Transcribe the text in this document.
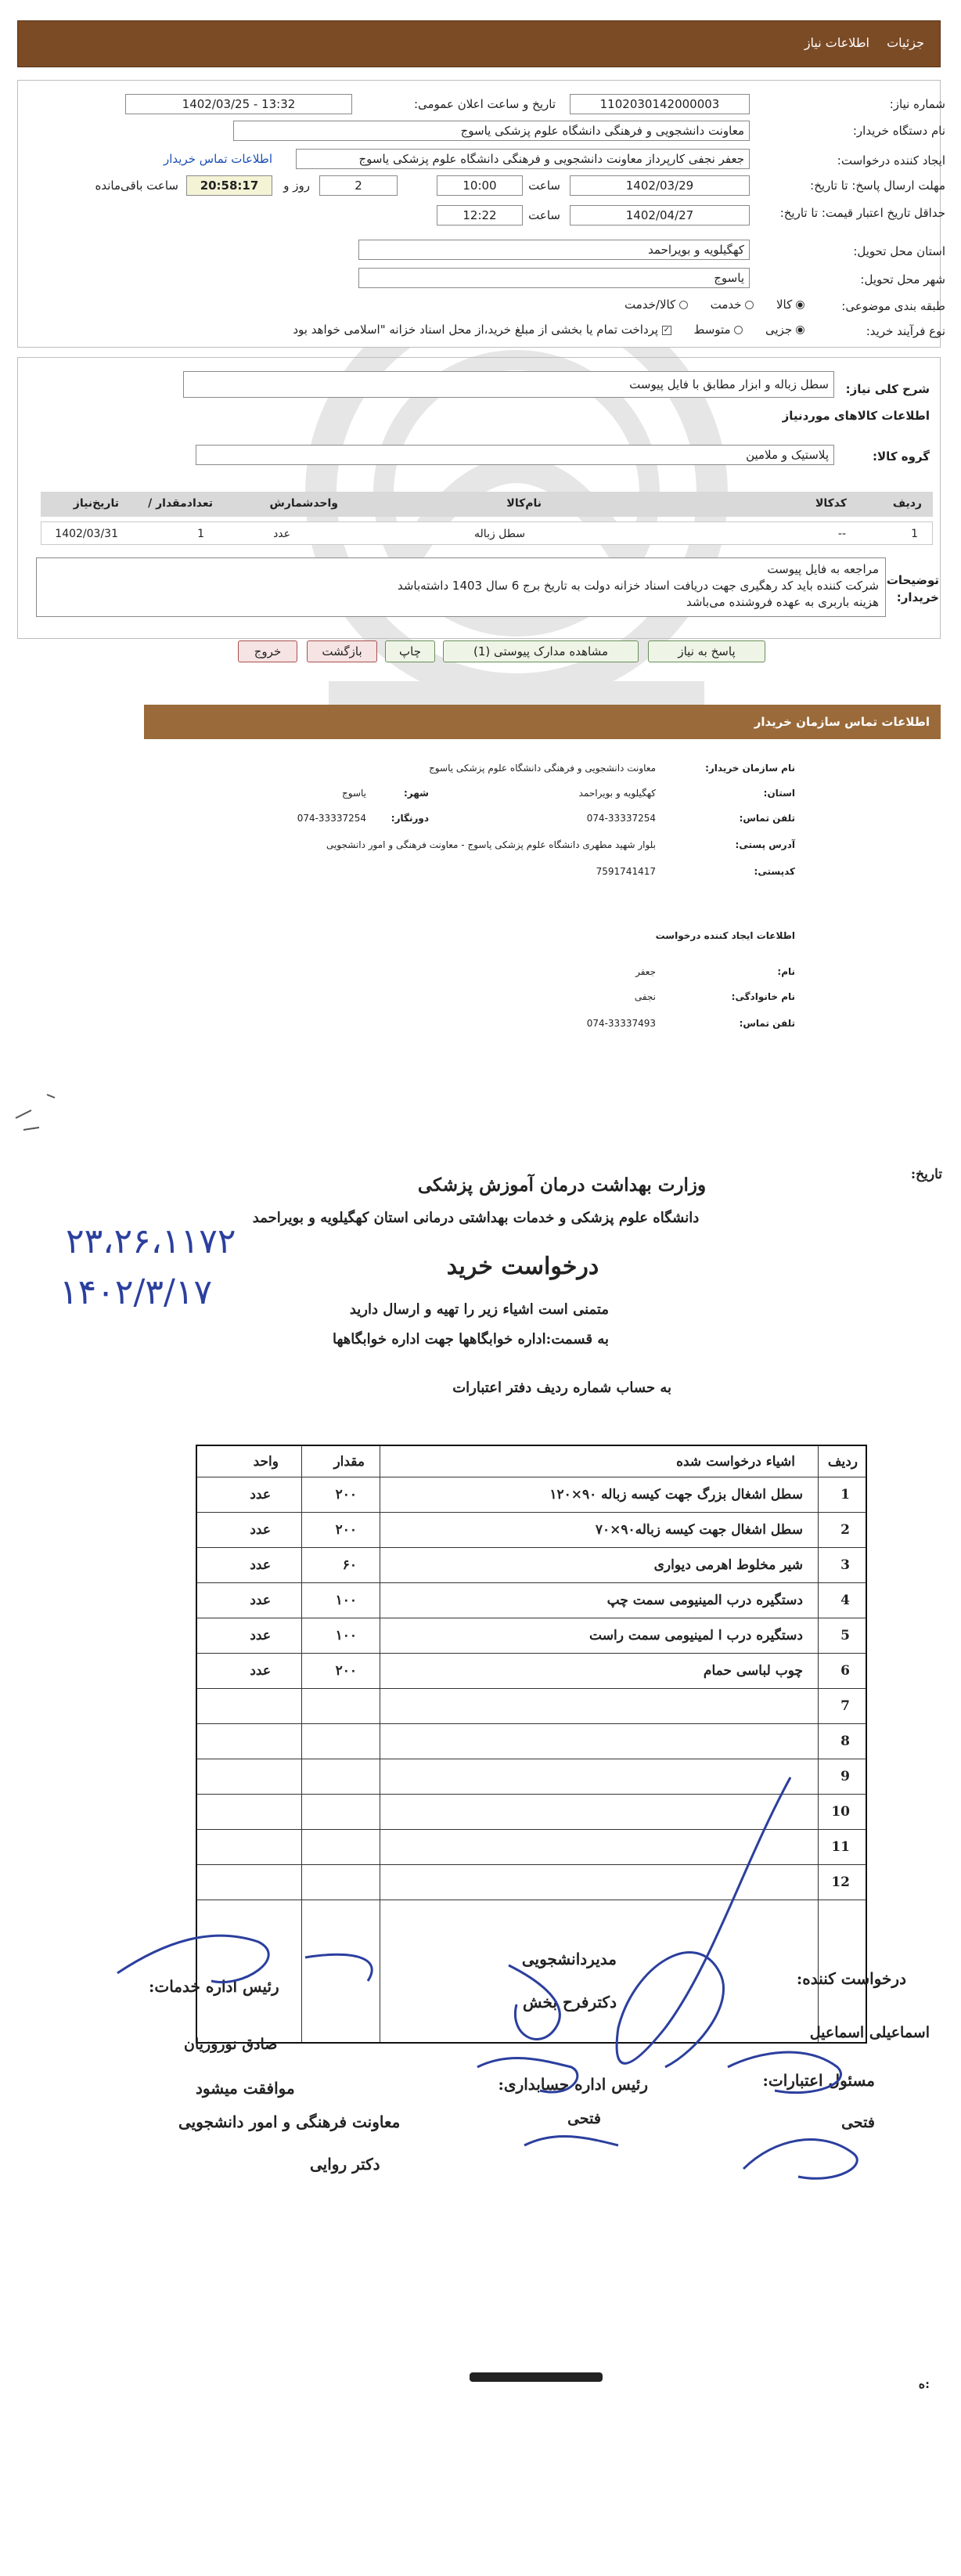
جزئیات
اطلاعات نیاز
شماره نیاز:
1102030142000003
تاریخ و ساعت اعلان عمومی:
1402/03/25 - 13:32
نام دستگاه خریدار:
معاونت دانشجویی و فرهنگی دانشگاه علوم پزشکی یاسوج
ایجاد کننده درخواست:
جعفر نجفی کارپرداز معاونت دانشجویی و فرهنگی دانشگاه علوم پزشکی یاسوج
اطلاعات تماس خریدار
مهلت ارسال پاسخ: تا تاریخ:
1402/03/29
ساعت
10:00
2
روز و
20:58:17
ساعت باقی‌مانده
حداقل تاریخ اعتبار قیمت: تا تاریخ:
1402/04/27
ساعت
12:22
استان محل تحویل:
کهگیلویه و بویراحمد
شهر محل تحویل:
یاسوج
طبقه بندی موضوعی:
کالا       خدمت       کالا/خدمت
نوع فرآیند خرید:
جزیی       متوسط      ✓ پرداخت تمام یا بخشی از مبلغ خرید،از محل اسناد خزانه "اسلامی خواهد بود
شرح کلی نیاز:
سطل زباله و ابزار مطابق با فایل پیوست
اطلاعات کالاهای موردنیاز
گروه کالا:
پلاستیک و ملامین
ردیف
کدکالا
نام‌کالا
واحدشمارش
تعدادمقدار /
تاریخ‌نیاز
1
--
سطل زباله
عدد
1
1402/03/31
توضیحات خریدار:
مراجعه به فایل پیوست
شرکت کننده باید کد رهگیری جهت دریافت اسناد خزانه دولت به تاریخ برج 6 سال 1403 داشته‌باشد
هزینه باربری به عهده فروشنده می‌باشد
پاسخ به نیاز
مشاهده مدارک پیوستی (1)
چاپ
بازگشت
خروج
اطلاعات تماس سازمان خریدار
نام سازمان خریدار:
معاونت دانشجویی و فرهنگی دانشگاه علوم پزشکی یاسوج
استان:
کهگیلویه و بویراحمد
شهر:
یاسوج
تلفن تماس:
074-33337254
دورنگار:
074-33337254
آدرس پستی:
بلوار شهید مطهری دانشگاه علوم پزشکی یاسوج - معاونت فرهنگی و امور دانشجویی
کدپستی:
7591741417
اطلاعات ایجاد کننده درخواست
نام:
جعفر
نام خانوادگی:
نجفی
تلفن تماس:
074-33337493
تاریخ:
وزارت بهداشت درمان آموزش پزشکی
دانشگاه علوم پزشکی و خدمات بهداشتی درمانی استان کهگیلویه و بویراحمد
درخواست خرید
متمنی است اشیاء زیر را تهیه و ارسال دارید
به قسمت:اداره خوابگاهها جهت اداره خوابگاهها
به حساب شماره ردیف دفتر اعتبارات
۲۳،۲۶،۱۱۷۲
۱۴۰۲/۳/۱۷
ردیف
اشیاء درخواست شده
مقدار
واحد
1
سطل اشغال بزرگ جهت کیسه زباله ۹۰×۱۲۰
۲۰۰
عدد
2
سطل اشغال جهت کیسه زباله۹۰×۷۰
۲۰۰
عدد
3
شیر مخلوط اهرمی دیواری
۶۰
عدد
4
دستگیره درب المینیومی سمت چپ
۱۰۰
عدد
5
دستگیره درب ا لمینیومی سمت راست
۱۰۰
عدد
6
چوب لباسی حمام
۲۰۰
عدد
7
8
9
10
11
12
درخواست کننده:
اسماعیلی اسماعیل
مسئول اعتبارات:
فتحی
مدیردانشجویی
دکترفرح بخش
رئیس اداره حسابداری:
فتحی
رئیس اداره خدمات:
صادق نوروزیان
موافقت میشود
معاونت فرهنگی و امور دانشجویی
دکتر روایی
:ه
